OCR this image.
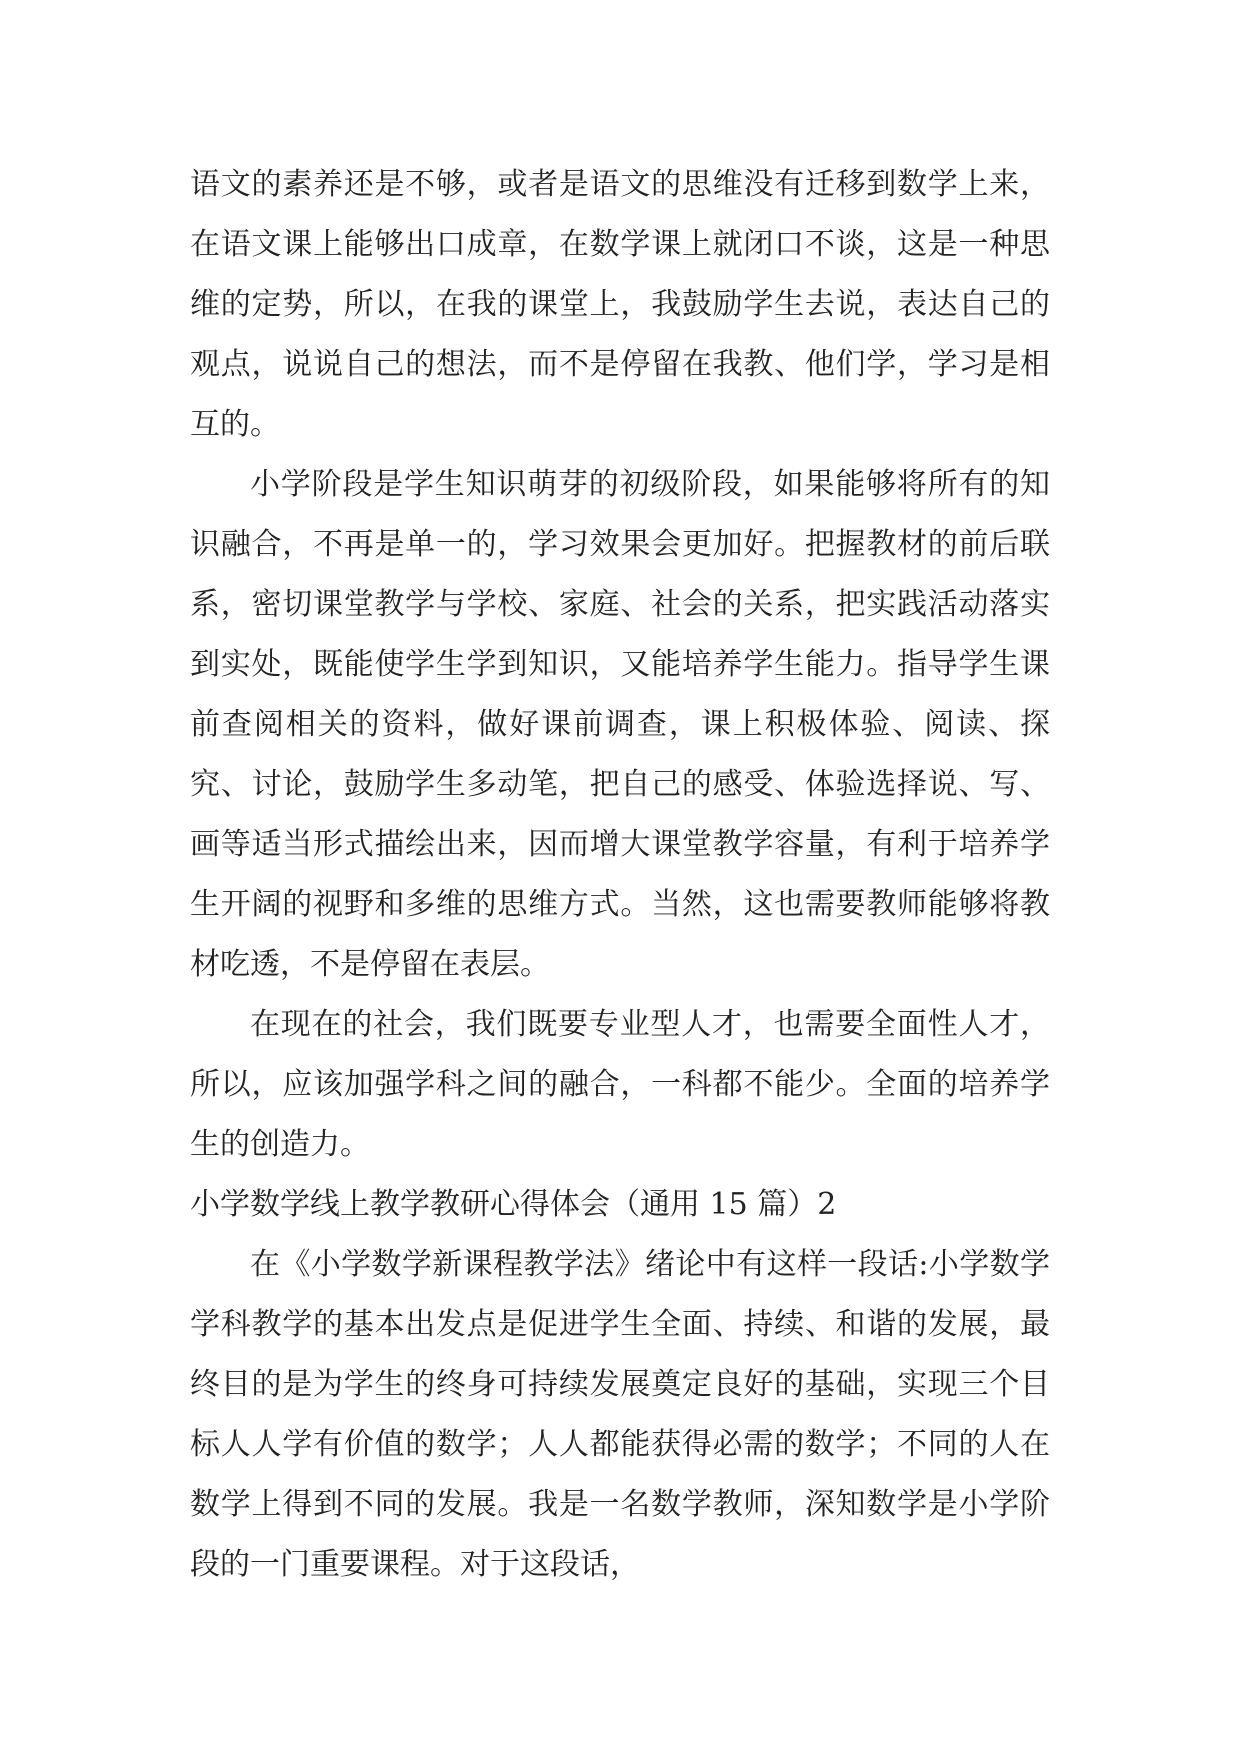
语文的素养还是不够，或者是语文的思维没有迁移到数学上来，在语文课上能够出口成章，在数学课上就闭口不谈，这是一种思维的定势，所以，在我的课堂上，我鼓励学生去说，表达自己的观点，说说自己的想法，而不是停留在我教、他们学，学习是相互的。

小学阶段是学生知识萌芽的初级阶段，如果能够将所有的知识融合，不再是单一的，学习效果会更加好。把握教材的前后联系，密切课堂教学与学校、家庭、社会的关系，把实践活动落实到实处，既能使学生学到知识，又能培养学生能力。指导学生课前查阅相关的资料，做好课前调查，课上积极体验、阅读、探究、讨论，鼓励学生多动笔，把自己的感受、体验选择说、写、画等适当形式描绘出来，因而增大课堂教学容量，有利于培养学生开阔的视野和多维的思维方式。当然，这也需要教师能够将教材吃透，不是停留在表层。

在现在的社会，我们既要专业型人才，也需要全面性人才，所以，应该加强学科之间的融合，一科都不能少。全面的培养学生的创造力。

小学数学线上教学教研心得体会（通用 15 篇）2

在《小学数学新课程教学法》绪论中有这样一段话:小学数学学科教学的基本出发点是促进学生全面、持续、和谐的发展，最终目的是为学生的终身可持续发展奠定良好的基础，实现三个目标人人学有价值的数学；人人都能获得必需的数学；不同的人在数学上得到不同的发展。我是一名数学教师，深知数学是小学阶段的一门重要课程。对于这段话，
